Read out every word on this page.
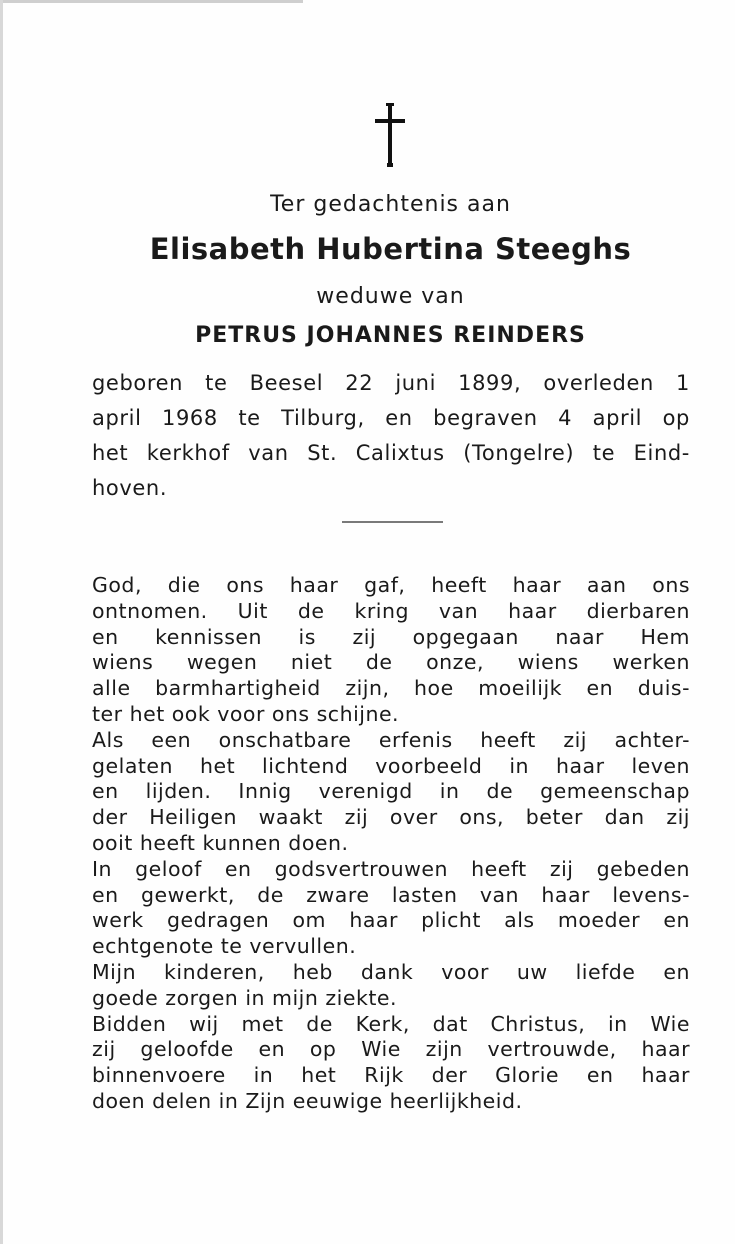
Ter gedachtenis aan
Elisabeth Hubertina Steeghs
weduwe van
PETRUS JOHANNES REINDERS
geboren te Beesel 22 juni 1899, overleden 1
april 1968 te Tilburg, en begraven 4 april op
het kerkhof van St. Calixtus (Tongelre) te Eind-
hoven.
God, die ons haar gaf, heeft haar aan ons
ontnomen. Uit de kring van haar dierbaren
en kennissen is zij opgegaan naar Hem
wiens wegen niet de onze, wiens werken
alle barmhartigheid zijn, hoe moeilijk en duis-
ter het ook voor ons schijne.
Als een onschatbare erfenis heeft zij achter-
gelaten het lichtend voorbeeld in haar leven
en lijden. Innig verenigd in de gemeenschap
der Heiligen waakt zij over ons, beter dan zij
ooit heeft kunnen doen.
In geloof en godsvertrouwen heeft zij gebeden
en gewerkt, de zware lasten van haar levens-
werk gedragen om haar plicht als moeder en
echtgenote te vervullen.
Mijn kinderen, heb dank voor uw liefde en
goede zorgen in mijn ziekte.
Bidden wij met de Kerk, dat Christus, in Wie
zij geloofde en op Wie zijn vertrouwde, haar
binnenvoere in het Rijk der Glorie en haar
doen delen in Zijn eeuwige heerlijkheid.
